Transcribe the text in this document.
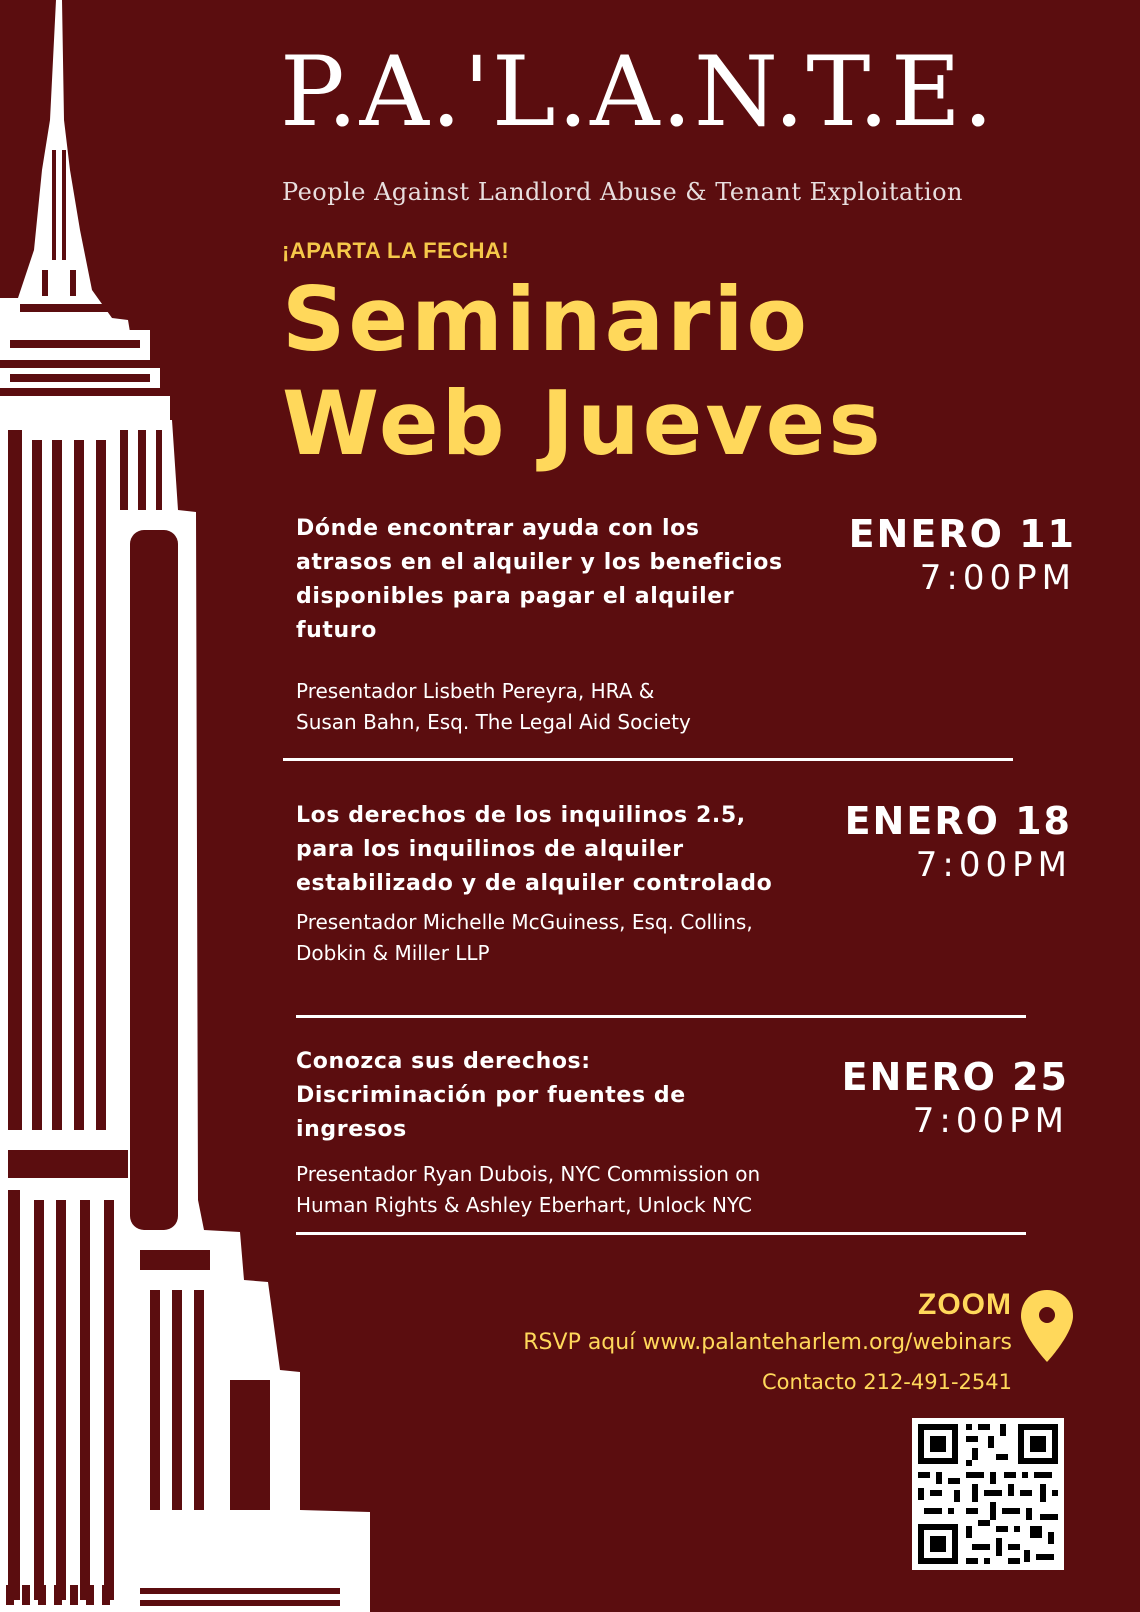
P.A.'L.A.N.T.E.
People Against Landlord Abuse & Tenant Exploitation
¡APARTA LA FECHA!
Seminario
Web Jueves
Dónde encontrar ayuda con los atrasos en el alquiler y los beneficios disponibles para pagar el alquiler futuro
Presentador Lisbeth Pereyra, HRA &
Susan Bahn, Esq. The Legal Aid Society
ENERO 11
7:00PM
Los derechos de los inquilinos 2.5, para los inquilinos de alquiler estabilizado y de alquiler controlado
Presentador Michelle McGuiness, Esq. Collins,
Dobkin & Miller LLP
ENERO 18
7:00PM
Conozca sus derechos: Discriminación por fuentes de ingresos
Presentador Ryan Dubois, NYC Commission on
Human Rights & Ashley Eberhart, Unlock NYC
ENERO 25
7:00PM
ZOOM
RSVP aquí www.palanteharlem.org/webinars
Contacto 212-491-2541
